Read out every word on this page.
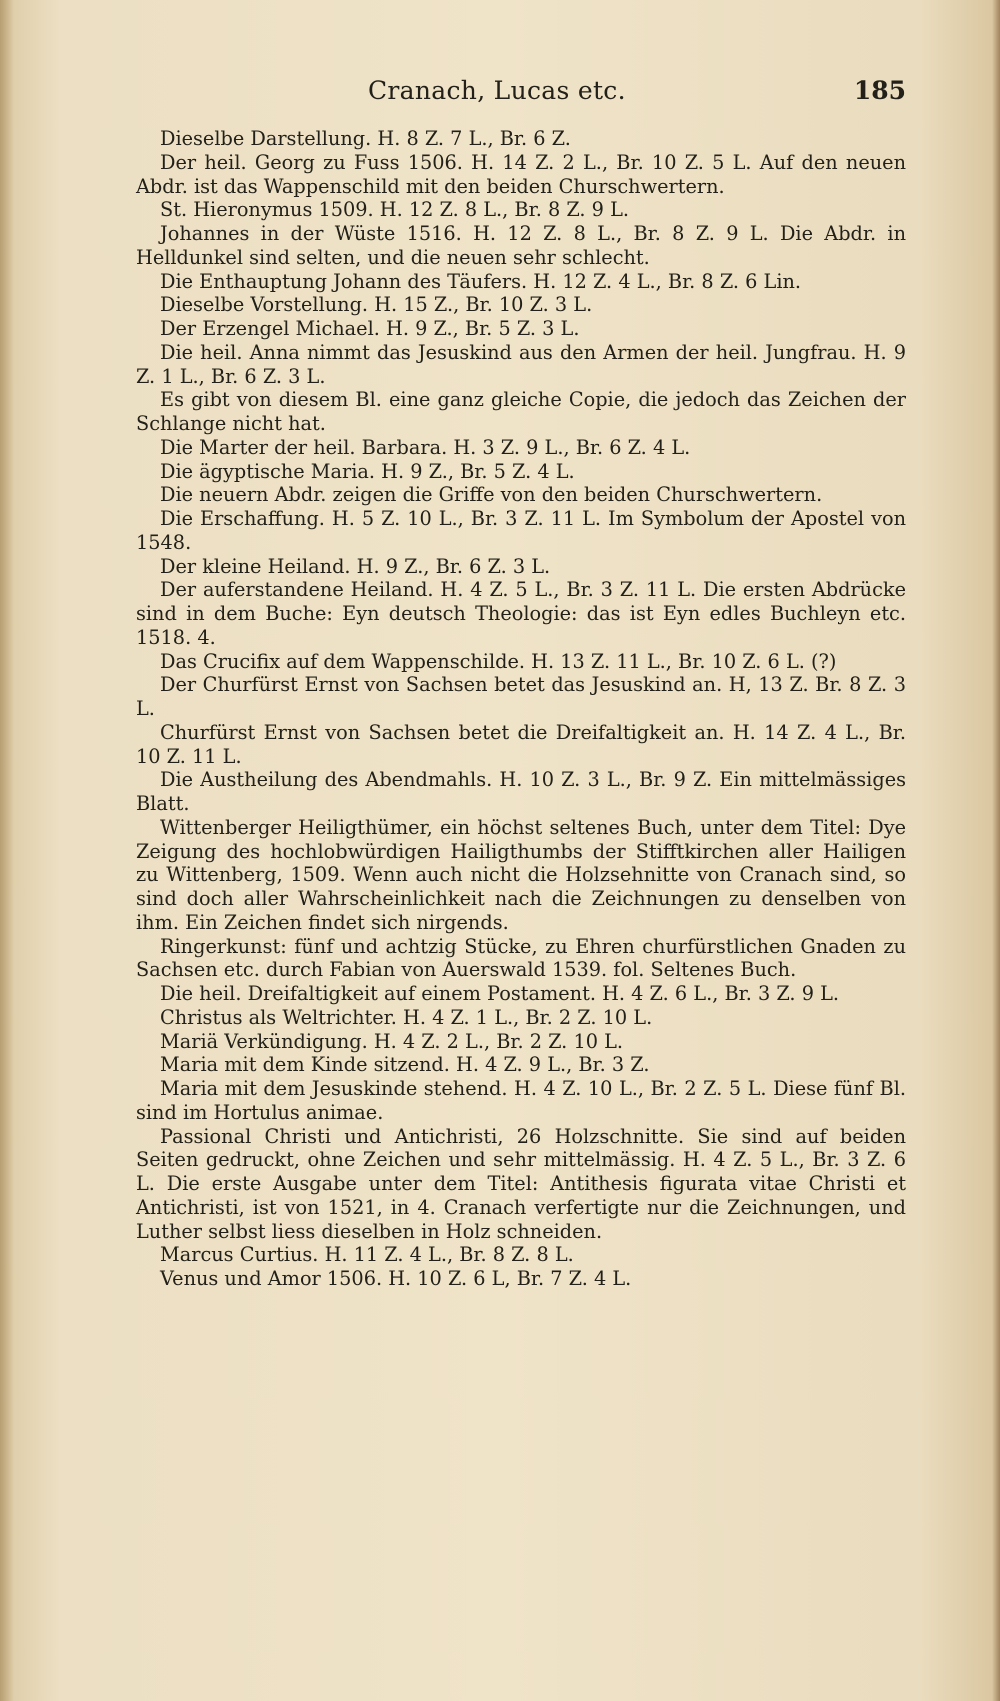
Cranach, Lucas etc.	185

Dieselbe Darstellung. H. 8 Z. 7 L., Br. 6 Z.

Der heil. Georg zu Fuss 1506. H. 14 Z. 2 L., Br. 10 Z. 5 L. Auf den neuen Abdr. ist das Wappenschild mit den beiden Churschwertern.

St. Hieronymus 1509. H. 12 Z. 8 L., Br. 8 Z. 9 L.

Johannes in der Wüste 1516. H. 12 Z. 8 L., Br. 8 Z. 9 L. Die Abdr. in Helldunkel sind selten, und die neuen sehr schlecht.

Die Enthauptung Johann des Täufers. H. 12 Z. 4 L., Br. 8 Z. 6 Lin.

Dieselbe Vorstellung. H. 15 Z., Br. 10 Z. 3 L.

Der Erzengel Michael. H. 9 Z., Br. 5 Z. 3 L.

Die heil. Anna nimmt das Jesuskind aus den Armen der heil. Jungfrau. H. 9 Z. 1 L., Br. 6 Z. 3 L.

Es gibt von diesem Bl. eine ganz gleiche Copie, die jedoch das Zeichen der Schlange nicht hat.

Die Marter der heil. Barbara. H. 3 Z. 9 L., Br. 6 Z. 4 L.

Die ägyptische Maria. H. 9 Z., Br. 5 Z. 4 L.

Die neuern Abdr. zeigen die Griffe von den beiden Churschwertern.

Die Erschaffung. H. 5 Z. 10 L., Br. 3 Z. 11 L. Im Symbolum der Apostel von 1548.

Der kleine Heiland. H. 9 Z., Br. 6 Z. 3 L.

Der auferstandene Heiland. H. 4 Z. 5 L., Br. 3 Z. 11 L. Die ersten Abdrücke sind in dem Buche: Eyn deutsch Theologie: das ist Eyn edles Buchleyn etc. 1518. 4.

Das Crucifix auf dem Wappenschilde. H. 13 Z. 11 L., Br. 10 Z. 6 L. (?)

Der Churfürst Ernst von Sachsen betet das Jesuskind an. H, 13 Z. Br. 8 Z. 3 L.

Churfürst Ernst von Sachsen betet die Dreifaltigkeit an. H. 14 Z. 4 L., Br. 10 Z. 11 L.

Die Austheilung des Abendmahls. H. 10 Z. 3 L., Br. 9 Z. Ein mittelmässiges Blatt.

Wittenberger Heiligthümer, ein höchst seltenes Buch, unter dem Titel: Dye Zeigung des hochlobwürdigen Hailigthumbs der Stifftkirchen aller Hailigen zu Wittenberg, 1509. Wenn auch nicht die Holzsehnitte von Cranach sind, so sind doch aller Wahrscheinlichkeit nach die Zeichnungen zu denselben von ihm. Ein Zeichen findet sich nirgends.

Ringerkunst: fünf und achtzig Stücke, zu Ehren churfürstlichen Gnaden zu Sachsen etc. durch Fabian von Auerswald 1539. fol. Seltenes Buch.

Die heil. Dreifaltigkeit auf einem Postament. H. 4 Z. 6 L., Br. 3 Z. 9 L.

Christus als Weltrichter. H. 4 Z. 1 L., Br. 2 Z. 10 L.

Mariä Verkündigung. H. 4 Z. 2 L., Br. 2 Z. 10 L.

Maria mit dem Kinde sitzend. H. 4 Z. 9 L., Br. 3 Z.

Maria mit dem Jesuskinde stehend. H. 4 Z. 10 L., Br. 2 Z. 5 L. Diese fünf Bl. sind im Hortulus animae.

Passional Christi und Antichristi, 26 Holzschnitte. Sie sind auf beiden Seiten gedruckt, ohne Zeichen und sehr mittelmässig. H. 4 Z. 5 L., Br. 3 Z. 6 L. Die erste Ausgabe unter dem Titel: Antithesis figurata vitae Christi et Antichristi, ist von 1521, in 4. Cranach verfertigte nur die Zeichnungen, und Luther selbst liess dieselben in Holz schneiden.

Marcus Curtius. H. 11 Z. 4 L., Br. 8 Z. 8 L.

Venus und Amor 1506. H. 10 Z. 6 L, Br. 7 Z. 4 L.
